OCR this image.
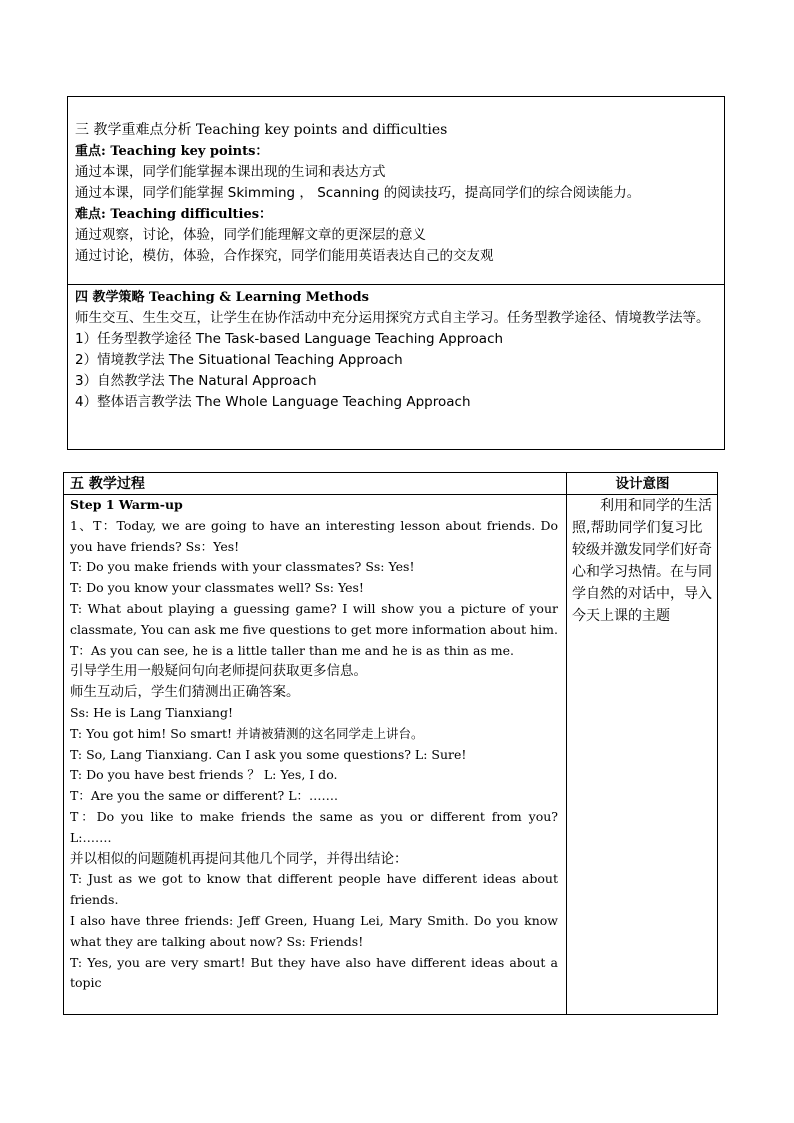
三 教学重难点分析 Teaching key points and difficulties
重点: Teaching key points：
通过本课，同学们能掌握本课出现的生词和表达方式
通过本课，同学们能掌握 Skimming ， Scanning 的阅读技巧，提高同学们的综合阅读能力。
难点: Teaching difficulties：
通过观察，讨论，体验，同学们能理解文章的更深层的意义
通过讨论，模仿，体验，合作探究，同学们能用英语表达自己的交友观
四 教学策略 Teaching & Learning Methods
师生交互、生生交互，让学生在协作活动中充分运用探究方式自主学习。任务型教学途径、情境教学法等。
1）任务型教学途径 The Task-based Language Teaching Approach
2）情境教学法 The Situational Teaching Approach
3）自然教学法 The Natural Approach
4）整体语言教学法 The Whole Language Teaching Approach
五 教学过程	设计意图
Step 1 Warm-up
1、T：Today, we are going to have an interesting lesson about friends. Do you have friends? Ss：Yes!
T: Do you make friends with your classmates? Ss: Yes!
T: Do you know your classmates well? Ss: Yes!
T: What about playing a guessing game? I will show you a picture of your classmate, You can ask me five questions to get more information about him.
T：As you can see, he is a little taller than me and he is as thin as me.
引导学生用一般疑问句向老师提问获取更多信息。
师生互动后，学生们猜测出正确答案。
Ss: He is Lang Tianxiang!
T: You got him! So smart! 并请被猜测的这名同学走上讲台。
T: So, Lang Tianxiang. Can I ask you some questions? L: Sure!
T: Do you have best friends ？ L: Yes, I do.
T：Are you the same or different? L：…….
T：Do you like to make friends the same as you or different from you? L:…….
并以相似的问题随机再提问其他几个同学，并得出结论：
T: Just as we got to know that different people have different ideas about friends.
I also have three friends: Jeff Green, Huang Lei, Mary Smith. Do you know what they are talking about now? Ss: Friends!
T: Yes, you are very smart! But they have also have different ideas about a topic
　　利用和同学的生活照,帮助同学们复习比较级并激发同学们好奇心和学习热情。在与同学自然的对话中，导入今天上课的主题
